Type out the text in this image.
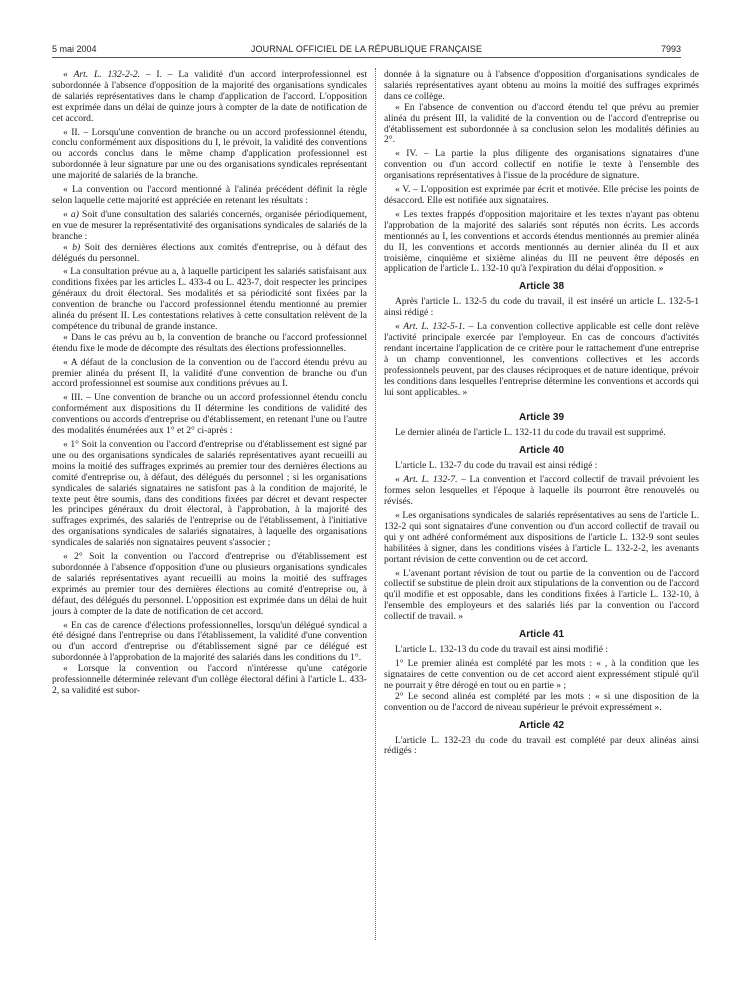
5 mai 2004	JOURNAL OFFICIEL DE LA RÉPUBLIQUE FRANÇAISE	7993

« Art. L. 132-2-2. – I. – La validité d'un accord interprofessionnel est subordonnée à l'absence d'opposition de la majorité des organisations syndicales de salariés représentatives dans le champ d'application de l'accord. L'opposition est exprimée dans un délai de quinze jours à compter de la date de notification de cet accord.

« II. – Lorsqu'une convention de branche ou un accord professionnel étendu, conclu conformément aux dispositions du I, le prévoit, la validité des conventions ou accords conclus dans le même champ d'application professionnel est subordonnée à leur signature par une ou des organisations syndicales représentant une majorité de salariés de la branche.

« La convention ou l'accord mentionné à l'alinéa précédent définit la règle selon laquelle cette majorité est appréciée en retenant les résultats :

« a) Soit d'une consultation des salariés concernés, organisée périodiquement, en vue de mesurer la représentativité des organisations syndicales de salariés de la branche :

« b) Soit des dernières élections aux comités d'entreprise, ou à défaut des délégués du personnel.

« La consultation prévue au a, à laquelle participent les salariés satisfaisant aux conditions fixées par les articles L. 433-4 ou L. 423-7, doit respecter les principes généraux du droit électoral. Ses modalités et sa périodicité sont fixées par la convention de branche ou l'accord professionnel étendu mentionné au premier alinéa du présent II. Les contestations relatives à cette consultation relèvent de la compétence du tribunal de grande instance.

« Dans le cas prévu au b, la convention de branche ou l'accord professionnel étendu fixe le mode de décompte des résultats des élections professionnelles.

« A défaut de la conclusion de la convention ou de l'accord étendu prévu au premier alinéa du présent II, la validité d'une convention de branche ou d'un accord professionnel est soumise aux conditions prévues au I.

« III. – Une convention de branche ou un accord professionnel étendu conclu conformément aux dispositions du II détermine les conditions de validité des conventions ou accords d'entreprise ou d'établissement, en retenant l'une ou l'autre des modalités énumérées aux 1° et 2° ci-après :

« 1° Soit la convention ou l'accord d'entreprise ou d'établissement est signé par une ou des organisations syndicales de salariés représentatives ayant recueilli au moins la moitié des suffrages exprimés au premier tour des dernières élections au comité d'entreprise ou, à défaut, des délégués du personnel ; si les organisations syndicales de salariés signataires ne satisfont pas à la condition de majorité, le texte peut être soumis, dans des conditions fixées par décret et devant respecter les principes généraux du droit électoral, à l'approbation, à la majorité des suffrages exprimés, des salariés de l'entreprise ou de l'établissement, à l'initiative des organisations syndicales de salariés signataires, à laquelle des organisations syndicales de salariés non signataires peuvent s'associer ;

« 2° Soit la convention ou l'accord d'entreprise ou d'établissement est subordonnée à l'absence d'opposition d'une ou plusieurs organisations syndicales de salariés représentatives ayant recueilli au moins la moitié des suffrages exprimés au premier tour des dernières élections au comité d'entreprise ou, à défaut, des délégués du personnel. L'opposition est exprimée dans un délai de huit jours à compter de la date de notification de cet accord.

« En cas de carence d'élections professionnelles, lorsqu'un délégué syndical a été désigné dans l'entreprise ou dans l'établissement, la validité d'une convention ou d'un accord d'entreprise ou d'établissement signé par ce délégué est subordonnée à l'approbation de la majorité des salariés dans les conditions du 1°.

« Lorsque la convention ou l'accord n'intéresse qu'une catégorie professionnelle déterminée relevant d'un collège électoral défini à l'article L. 433-2, sa validité est subor-

donnée à la signature ou à l'absence d'opposition d'organisations syndicales de salariés représentatives ayant obtenu au moins la moitié des suffrages exprimés dans ce collège.

« En l'absence de convention ou d'accord étendu tel que prévu au premier alinéa du présent III, la validité de la convention ou de l'accord d'entreprise ou d'établissement est subordonnée à sa conclusion selon les modalités définies au 2°.

« IV. – La partie la plus diligente des organisations signataires d'une convention ou d'un accord collectif en notifie le texte à l'ensemble des organisations représentatives à l'issue de la procédure de signature.

« V. – L'opposition est exprimée par écrit et motivée. Elle précise les points de désaccord. Elle est notifiée aux signataires.

« Les textes frappés d'opposition majoritaire et les textes n'ayant pas obtenu l'approbation de la majorité des salariés sont réputés non écrits. Les accords mentionnés au I, les conventions et accords étendus mentionnés au premier alinéa du II, les conventions et accords mentionnés au dernier alinéa du II et aux troisième, cinquième et sixième alinéas du III ne peuvent être déposés en application de l'article L. 132-10 qu'à l'expiration du délai d'opposition. »

Article 38

Après l'article L. 132-5 du code du travail, il est inséré un article L. 132-5-1 ainsi rédigé :

« Art. L. 132-5-1. – La convention collective applicable est celle dont relève l'activité principale exercée par l'employeur. En cas de concours d'activités rendant incertaine l'application de ce critère pour le rattachement d'une entreprise à un champ conventionnel, les conventions collectives et les accords professionnels peuvent, par des clauses réciproques et de nature identique, prévoir les conditions dans lesquelles l'entreprise détermine les conventions et accords qui lui sont applicables. »

Article 39

Le dernier alinéa de l'article L. 132-11 du code du travail est supprimé.

Article 40

L'article L. 132-7 du code du travail est ainsi rédigé :

« Art. L. 132-7. – La convention et l'accord collectif de travail prévoient les formes selon lesquelles et l'époque à laquelle ils pourront être renouvelés ou révisés.

« Les organisations syndicales de salariés représentatives au sens de l'article L. 132-2 qui sont signataires d'une convention ou d'un accord collectif de travail ou qui y ont adhéré conformément aux dispositions de l'article L. 132-9 sont seules habilitées à signer, dans les conditions visées à l'article L. 132-2-2, les avenants portant révision de cette convention ou de cet accord.

« L'avenant portant révision de tout ou partie de la convention ou de l'accord collectif se substitue de plein droit aux stipulations de la convention ou de l'accord qu'il modifie et est opposable, dans les conditions fixées à l'article L. 132-10, à l'ensemble des employeurs et des salariés liés par la convention ou l'accord collectif de travail. »

Article 41

L'article L. 132-13 du code du travail est ainsi modifié :

1° Le premier alinéa est complété par les mots : « , à la condition que les signataires de cette convention ou de cet accord aient expressément stipulé qu'il ne pourrait y être dérogé en tout ou en partie » ;

2° Le second alinéa est complété par les mots : « si une disposition de la convention ou de l'accord de niveau supérieur le prévoit expressément ».

Article 42

L'article L. 132-23 du code du travail est complété par deux alinéas ainsi rédigés :
